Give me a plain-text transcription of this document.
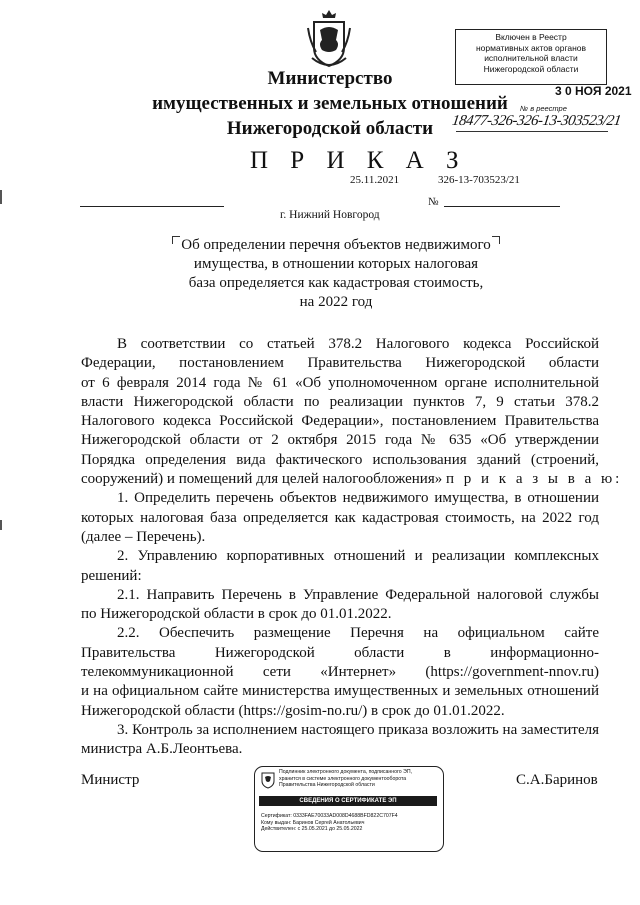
Министерство
имущественных и земельных отношений
Нижегородской области
Включен в Реестр
нормативных актов органов
исполнительной власти
Нижегородской области
3 0 НОЯ 2021
№ в реестре
18477-326-326-13-303523/21
П Р И К А З
25.11.2021	326-13-703523/21
№
г. Нижний Новгород
Об определении перечня объектов недвижимого
имущества, в отношении которых налоговая
база определяется как кадастровая стоимость,
на 2022 год
В соответствии со статьей 378.2 Налогового кодекса Российской
Федерации, постановлением Правительства Нижегородской области
от 6 февраля 2014 года № 61 «Об уполномоченном органе исполнительной
власти Нижегородской области по реализации пунктов 7, 9 статьи 378.2
Налогового кодекса Российской Федерации», постановлением Правительства
Нижегородской области от 2 октября 2015 года № 635 «Об утверждении
Порядка определения вида фактического использования зданий (строений,
сооружений) и помещений для целей налогообложения» п р и к а з ы в а ю:
1. Определить перечень объектов недвижимого имущества, в отношении
которых налоговая база определяется как кадастровая стоимость, на 2022 год
(далее – Перечень).
2. Управлению корпоративных отношений и реализации комплексных
решений:
2.1. Направить Перечень в Управление Федеральной налоговой службы
по Нижегородской области в срок до 01.01.2022.
2.2. Обеспечить размещение Перечня на официальном сайте
Правительства Нижегородской области в информационно-
телекоммуникационной сети «Интернет» (https://government-nnov.ru)
и на официальном сайте министерства имущественных и земельных отношений
Нижегородской области (https://gosim-no.ru/) в срок до 01.01.2022.
3. Контроль за исполнением настоящего приказа возложить на заместителя
министра А.Б.Леонтьева.
Министр	С.А.Баринов
Подлинник электронного документа, подписанного ЭП,
хранится в системе электронного документооборота
Правительства Нижегородской области
СВЕДЕНИЯ О СЕРТИФИКАТЕ ЭП
Сертификат: 0333FAE70033AD008D4688BFD822C707F4
Кому выдан: Баринов Сергей Анатольевич
Действителен: с 25.05.2021 до 25.05.2022
